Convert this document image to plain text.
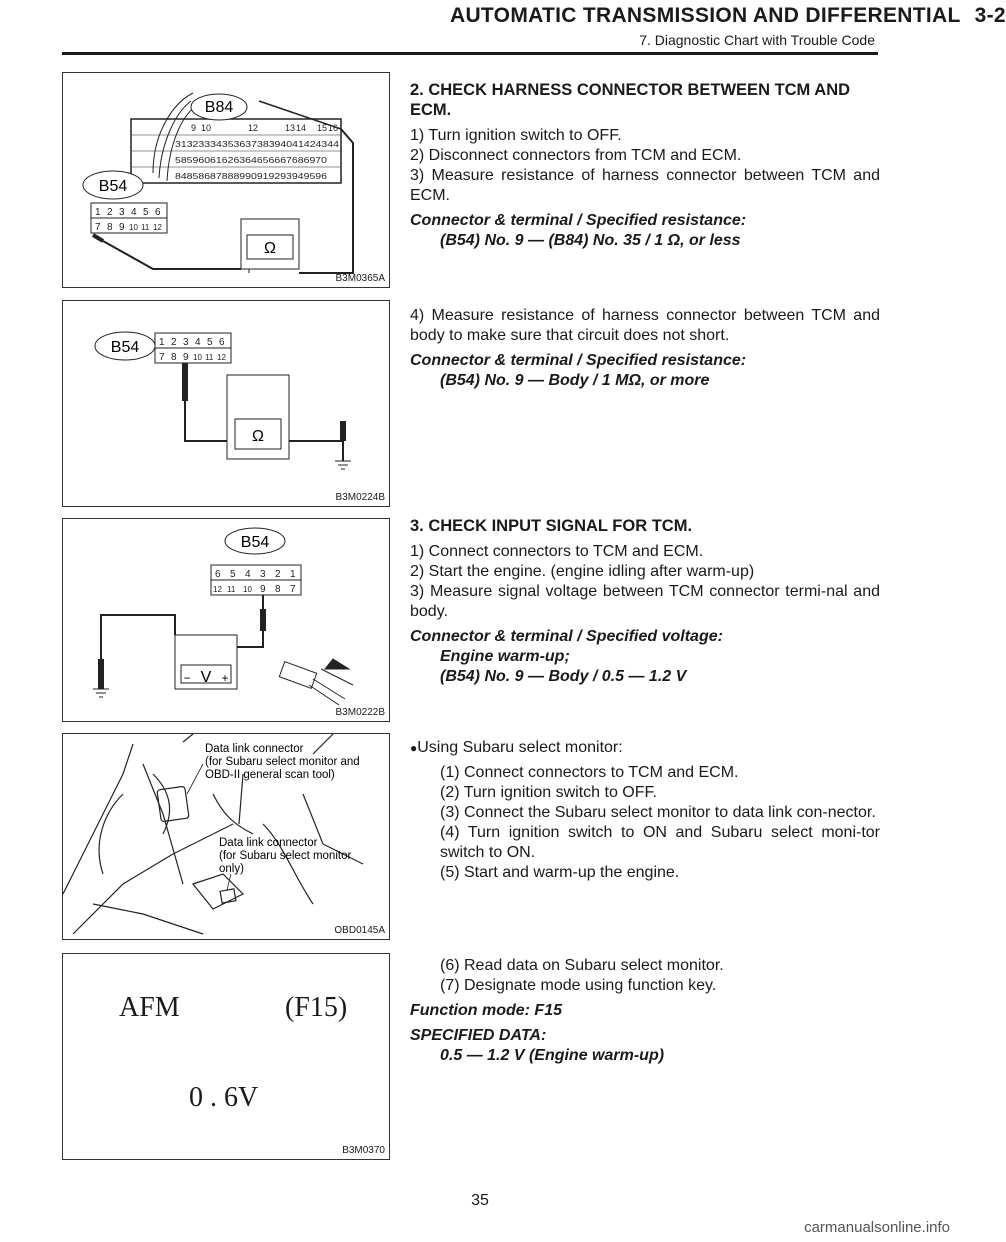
AUTOMATIC TRANSMISSION AND DIFFERENTIAL 3-2
7. Diagnostic Chart with Trouble Code
B84
B54
9 10	12	13 14 15 16
31 32 33 34 35 36 37 38 39 40 41 42 43 44
58 59 60 61 62 63 64 65 66 67 68 69 70
84 85 86 87 88 89 90 91 92 93 94 95 96
1 2 3 4 5 6
7 8 9 10 11 12
Ω
B3M0365A
B54 1 2 3 4 5 6
7 8 9 10 11 12
Ω
B3M0224B
B54
6 5 4 3 2 1
12 11 10 9 8 7
V
−	+
B3M0222B
Data link connector
(for Subaru select monitor and
OBD-II general scan tool)
Data link connector
(for Subaru select monitor
only)
OBD0145A
AFM	(F15)
0 . 6V
B3M0370

2. CHECK HARNESS CONNECTOR BETWEEN TCM AND ECM.

1) Turn ignition switch to OFF.

2) Disconnect connectors from TCM and ECM.

3) Measure resistance of harness connector between TCM and ECM.

Connector & terminal / Specified resistance:

(B54) No. 9 — (B84) No. 35 / 1 Ω, or less

4) Measure resistance of harness connector between TCM and body to make sure that circuit does not short.

Connector & terminal / Specified resistance:

(B54) No. 9 — Body / 1 MΩ, or more

3. CHECK INPUT SIGNAL FOR TCM.

1) Connect connectors to TCM and ECM.

2) Start the engine. (engine idling after warm-up)

3) Measure signal voltage between TCM connector termi-nal and body.

Connector & terminal / Specified voltage:

Engine warm-up;

(B54) No. 9 — Body / 0.5 — 1.2 V

●Using Subaru select monitor:

(1) Connect connectors to TCM and ECM.

(2) Turn ignition switch to OFF.

(3) Connect the Subaru select monitor to data link con-nector.

(4) Turn ignition switch to ON and Subaru select moni-tor switch to ON.

(5) Start and warm-up the engine.

(6) Read data on Subaru select monitor.

(7) Designate mode using function key.

Function mode: F15

SPECIFIED DATA:

0.5 — 1.2 V (Engine warm-up)

35
carmanualsonline.info
